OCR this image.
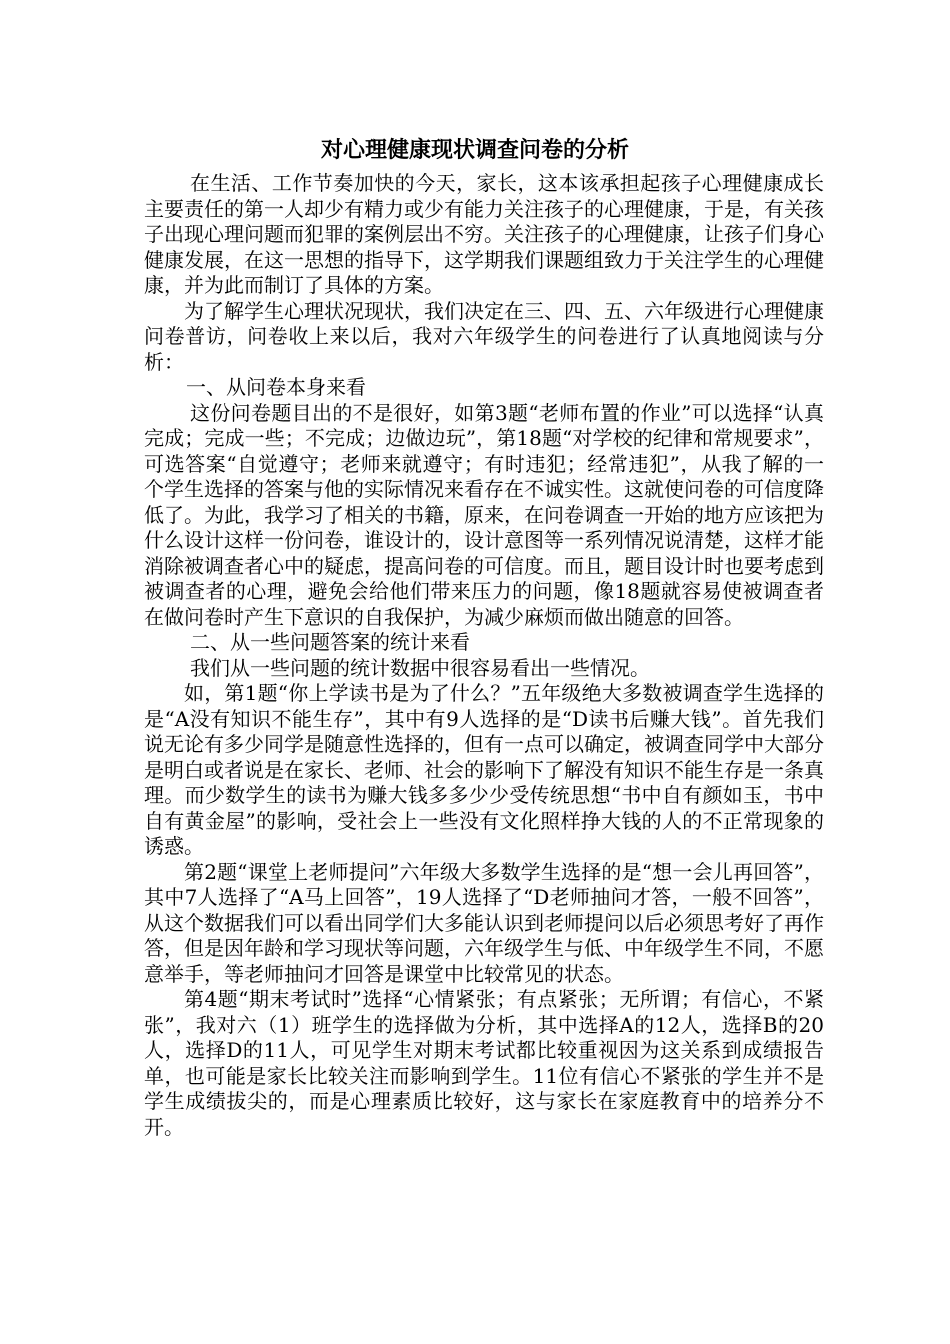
对心理健康现状调查问卷的分析

在生活、工作节奏加快的今天，家长，这本该承担起孩子心理健康成长主要责任的第一人却少有精力或少有能力关注孩子的心理健康，于是，有关孩子出现心理问题而犯罪的案例层出不穷。关注孩子的心理健康，让孩子们身心健康发展，在这一思想的指导下，这学期我们课题组致力于关注学生的心理健康，并为此而制订了具体的方案。

为了解学生心理状况现状，我们决定在三、四、五、六年级进行心理健康问卷普访，问卷收上来以后，我对六年级学生的问卷进行了认真地阅读与分析：

一、从问卷本身来看

这份问卷题目出的不是很好，如第3题“老师布置的作业”可以选择“认真完成；完成一些；不完成；边做边玩”，第18题“对学校的纪律和常规要求”，可选答案“自觉遵守；老师来就遵守；有时违犯；经常违犯”，从我了解的一个学生选择的答案与他的实际情况来看存在不诚实性。这就使问卷的可信度降低了。为此，我学习了相关的书籍，原来，在问卷调查一开始的地方应该把为什么设计这样一份问卷，谁设计的，设计意图等一系列情况说清楚，这样才能消除被调查者心中的疑虑，提高问卷的可信度。而且，题目设计时也要考虑到被调查者的心理，避免会给他们带来压力的问题，像18题就容易使被调查者在做问卷时产生下意识的自我保护，为减少麻烦而做出随意的回答。

二、从一些问题答案的统计来看

我们从一些问题的统计数据中很容易看出一些情况。

如，第1题“你上学读书是为了什么？”五年级绝大多数被调查学生选择的是“A没有知识不能生存”，其中有9人选择的是“D读书后赚大钱”。首先我们说无论有多少同学是随意性选择的，但有一点可以确定，被调查同学中大部分是明白或者说是在家长、老师、社会的影响下了解没有知识不能生存是一条真理。而少数学生的读书为赚大钱多多少少受传统思想“书中自有颜如玉，书中自有黄金屋”的影响，受社会上一些没有文化照样挣大钱的人的不正常现象的诱惑。

第2题“课堂上老师提问”六年级大多数学生选择的是“想一会儿再回答”，其中7人选择了“A马上回答”，19人选择了“D老师抽问才答，一般不回答”，从这个数据我们可以看出同学们大多能认识到老师提问以后必须思考好了再作答，但是因年龄和学习现状等问题，六年级学生与低、中年级学生不同，不愿意举手，等老师抽问才回答是课堂中比较常见的状态。

第4题“期末考试时”选择“心情紧张；有点紧张；无所谓；有信心，不紧张”，我对六（1）班学生的选择做为分析，其中选择A的12人，选择B的20人，选择D的11人，可见学生对期末考试都比较重视因为这关系到成绩报告单，也可能是家长比较关注而影响到学生。11位有信心不紧张的学生并不是学生成绩拔尖的，而是心理素质比较好，这与家长在家庭教育中的培养分不开。
